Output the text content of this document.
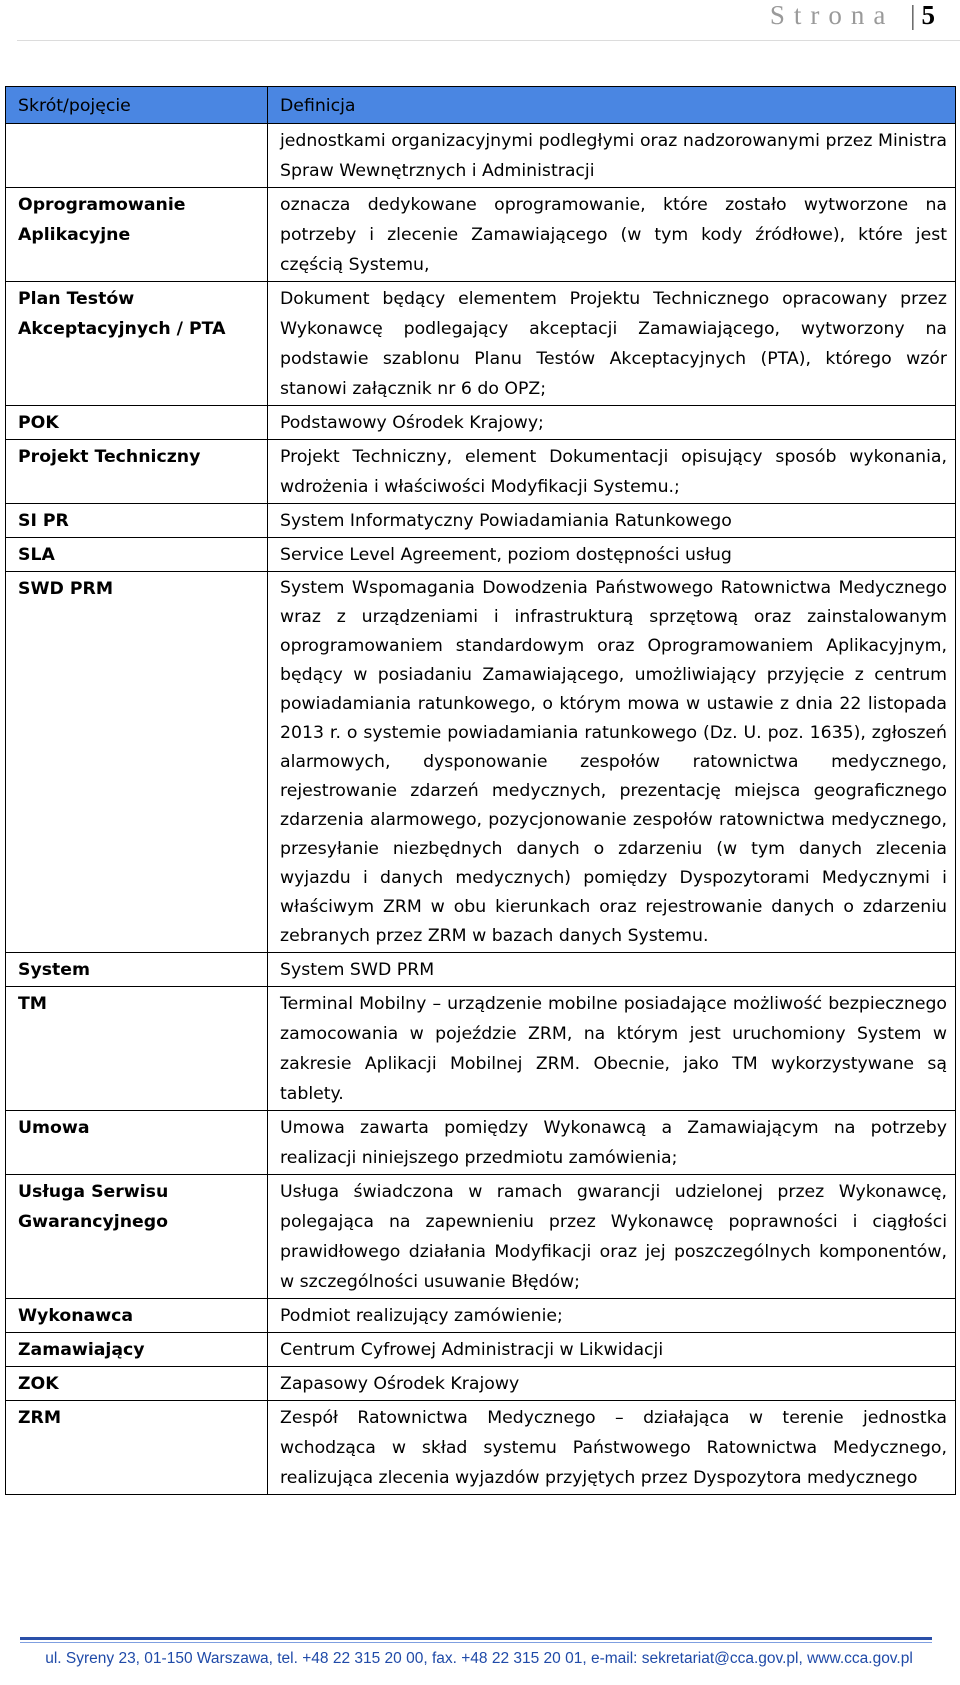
Strona | 5
Skrót/pojęcie	Definicja
	jednostkami organizacyjnymi podległymi oraz nadzorowanymi przez Ministra Spraw Wewnętrznych i Administracji

Oprogramowanie
Aplikacyjne	oznacza dedykowane oprogramowanie, które zostało wytworzone na potrzeby i zlecenie Zamawiającego (w tym kody źródłowe), które jest częścią Systemu,

Plan Testów
Akceptacyjnych / PTA	Dokument będący elementem Projektu Technicznego opracowany przez Wykonawcę podlegający akceptacji Zamawiającego, wytworzony na podstawie szablonu Planu Testów Akceptacyjnych (PTA), którego wzór stanowi załącznik nr 6 do OPZ;

POK	Podstawowy Ośrodek Krajowy;

Projekt Techniczny	Projekt Techniczny, element Dokumentacji opisujący sposób wykonania, wdrożenia i właściwości Modyfikacji Systemu.;

SI PR	System Informatyczny Powiadamiania Ratunkowego

SLA	Service Level Agreement, poziom dostępności usług

SWD PRM	System Wspomagania Dowodzenia Państwowego Ratownictwa Medycznego wraz z urządzeniami i infrastrukturą sprzętową oraz zainstalowanym oprogramowaniem standardowym oraz Oprogramowaniem Aplikacyjnym, będący w posiadaniu Zamawiającego, umożliwiający przyjęcie z centrum powiadamiania ratunkowego, o którym mowa w ustawie z dnia 22 listopada 2013 r. o systemie powiadamiania ratunkowego (Dz. U. poz. 1635), zgłoszeń alarmowych, dysponowanie zespołów ratownictwa medycznego, rejestrowanie zdarzeń medycznych, prezentację miejsca geograficznego zdarzenia alarmowego, pozycjonowanie zespołów ratownictwa medycznego, przesyłanie niezbędnych danych o zdarzeniu (w tym danych zlecenia wyjazdu i danych medycznych) pomiędzy Dyspozytorami Medycznymi i właściwym ZRM w obu kierunkach oraz rejestrowanie danych o zdarzeniu zebranych przez ZRM w bazach danych Systemu.

System	System SWD PRM

TM	Terminal Mobilny – urządzenie mobilne posiadające możliwość bezpiecznego zamocowania w pojeździe ZRM, na którym jest uruchomiony System w zakresie Aplikacji Mobilnej ZRM. Obecnie, jako TM wykorzystywane są tablety.

Umowa	Umowa zawarta pomiędzy Wykonawcą a Zamawiającym na potrzeby realizacji niniejszego przedmiotu zamówienia;

Usługa Serwisu
Gwarancyjnego	Usługa świadczona w ramach gwarancji udzielonej przez Wykonawcę, polegająca na zapewnieniu przez Wykonawcę poprawności i ciągłości prawidłowego działania Modyfikacji oraz jej poszczególnych komponentów, w szczególności usuwanie Błędów;

Wykonawca	Podmiot realizujący zamówienie;

Zamawiający	Centrum Cyfrowej Administracji w Likwidacji

ZOK	Zapasowy Ośrodek Krajowy

ZRM	Zespół Ratownictwa Medycznego – działająca w terenie jednostka wchodząca w skład systemu Państwowego Ratownictwa Medycznego, realizująca zlecenia wyjazdów przyjętych przez Dyspozytora medycznego
ul. Syreny 23, 01-150 Warszawa, tel. +48 22 315 20 00, fax. +48 22 315 20 01, e-mail: sekretariat@cca.gov.pl, www.cca.gov.pl
